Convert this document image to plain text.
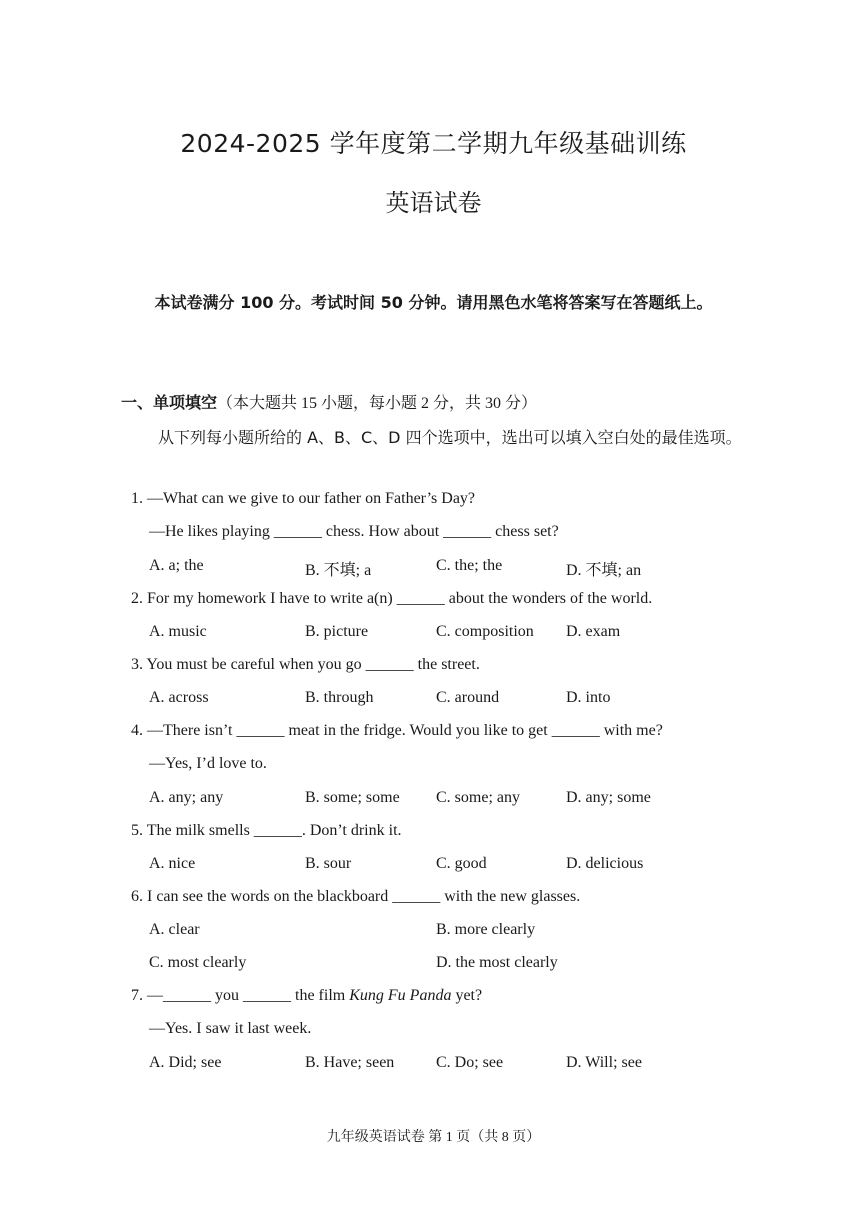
2024-2025 学年度第二学期九年级基础训练
英语试卷
本试卷满分 100 分。考试时间 50 分钟。请用黑色水笔将答案写在答题纸上。
一、单项填空（本大题共 15 小题，每小题 2 分，共 30 分）
从下列每小题所给的 A、B、C、D 四个选项中，选出可以填入空白处的最佳选项。
1. —What can we give to our father on Father’s Day?
—He likes playing ______ chess. How about ______ chess set?
A. a; the	B. 不填; a	C. the; the	D. 不填; an
2. For my homework I have to write a(n) ______ about the wonders of the world.
A. music	B. picture	C. composition D. exam
3. You must be careful when you go ______ the street.
A. across	B. through	C. around	D. into
4. —There isn’t ______ meat in the fridge. Would you like to get ______ with me?
—Yes, I’d love to.
A. any; any	B. some; some C. some; any	D. any; some
5. The milk smells ______. Don’t drink it.
A. nice	B. sour	C. good	D. delicious
6. I can see the words on the blackboard ______ with the new glasses.
A. clear	B. more clearly
C. most clearly	D. the most clearly
7. —______ you ______ the film Kung Fu Panda yet?
—Yes. I saw it last week.
A. Did; see	B. Have; seen	C. Do; see	D. Will; see
九年级英语试卷 第 1 页（共 8 页）
